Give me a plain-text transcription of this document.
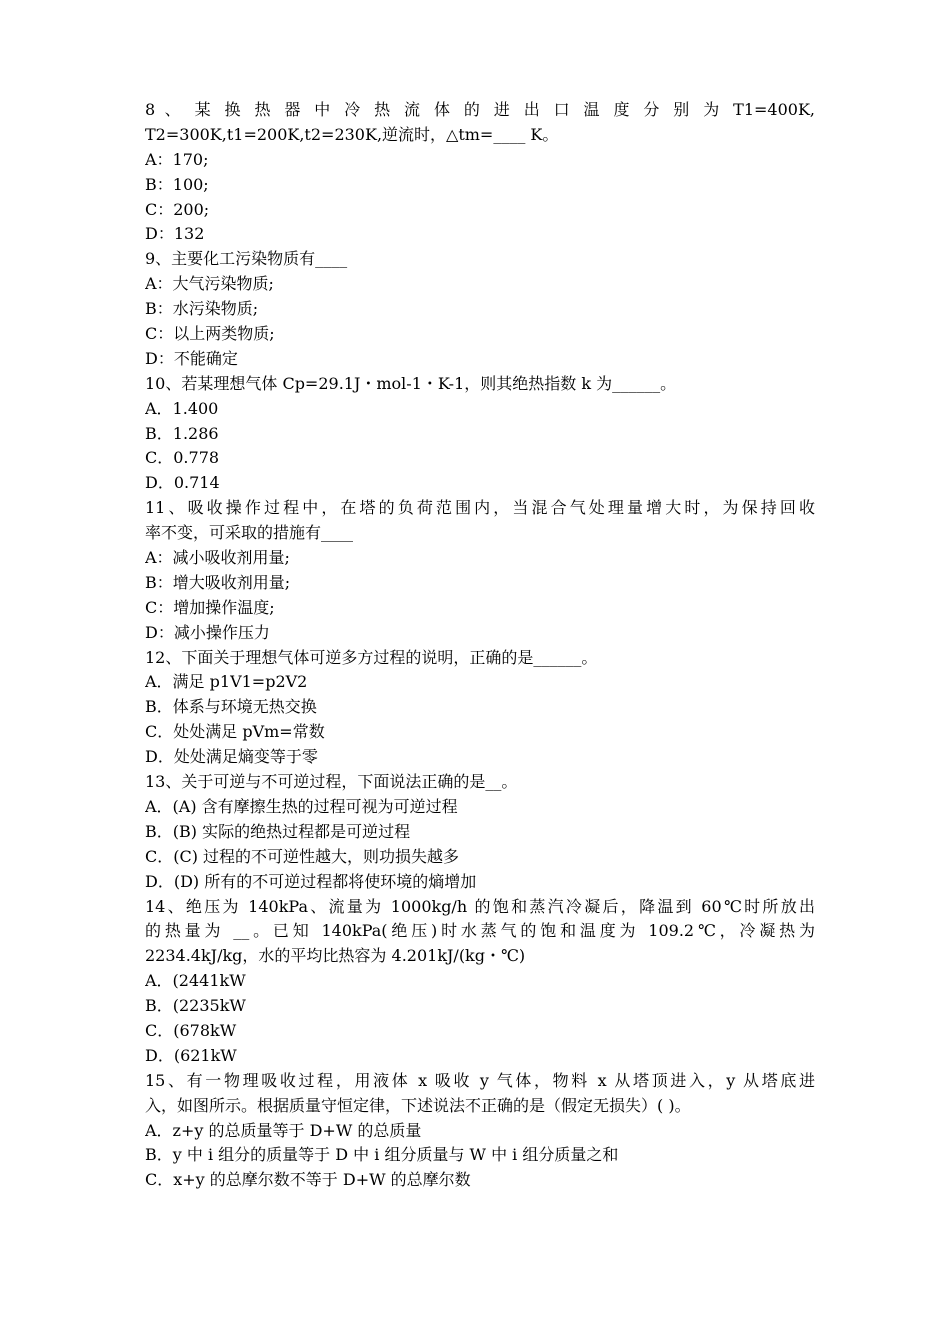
8 、 某 换 热 器 中 冷 热 流 体 的 进 出 口 温 度 分 别 为 T1=400K,
T2=300K,t1=200K,t2=230K,逆流时，△tm=____ K。
A：170;
B：100;
C：200;
D：132
9、主要化工污染物质有____
A：大气污染物质;
B：水污染物质;
C：以上两类物质;
D：不能确定
10、若某理想气体 Cp=29.1J・mol-1・K-1，则其绝热指数 k 为______。
A．1.400
B．1.286
C．0.778
D．0.714
11、吸收操作过程中，在塔的负荷范围内，当混合气处理量增大时，为保持回收
率不变，可采取的措施有____
A：减小吸收剂用量;
B：增大吸收剂用量;
C：增加操作温度;
D：减小操作压力
12、下面关于理想气体可逆多方过程的说明，正确的是______。
A．满足 p1V1=p2V2
B．体系与环境无热交换
C．处处满足 pVm=常数
D．处处满足熵变等于零
13、关于可逆与不可逆过程，下面说法正确的是__。
A．(A) 含有摩擦生热的过程可视为可逆过程
B．(B) 实际的绝热过程都是可逆过程
C．(C) 过程的不可逆性越大，则功损失越多
D．(D) 所有的不可逆过程都将使环境的熵增加
14、绝压为 140kPa、流量为 1000kg/h 的饱和蒸汽冷凝后，降温到 60℃时所放出
的热量为 __。已知 140kPa(绝压)时水蒸气的饱和温度为 109.2℃，冷凝热为
2234.4kJ/kg，水的平均比热容为 4.201kJ/(kg・℃)
A．(2441kW
B．(2235kW
C．(678kW
D．(621kW
15、有一物理吸收过程，用液体 x 吸收 y 气体，物料 x 从塔顶进入，y 从塔底进
入，如图所示。根据质量守恒定律，下述说法不正确的是（假定无损失）( )。
A．z+y 的总质量等于 D+W 的总质量
B．y 中 i 组分的质量等于 D 中 i 组分质量与 W 中 i 组分质量之和
C．x+y 的总摩尔数不等于 D+W 的总摩尔数
